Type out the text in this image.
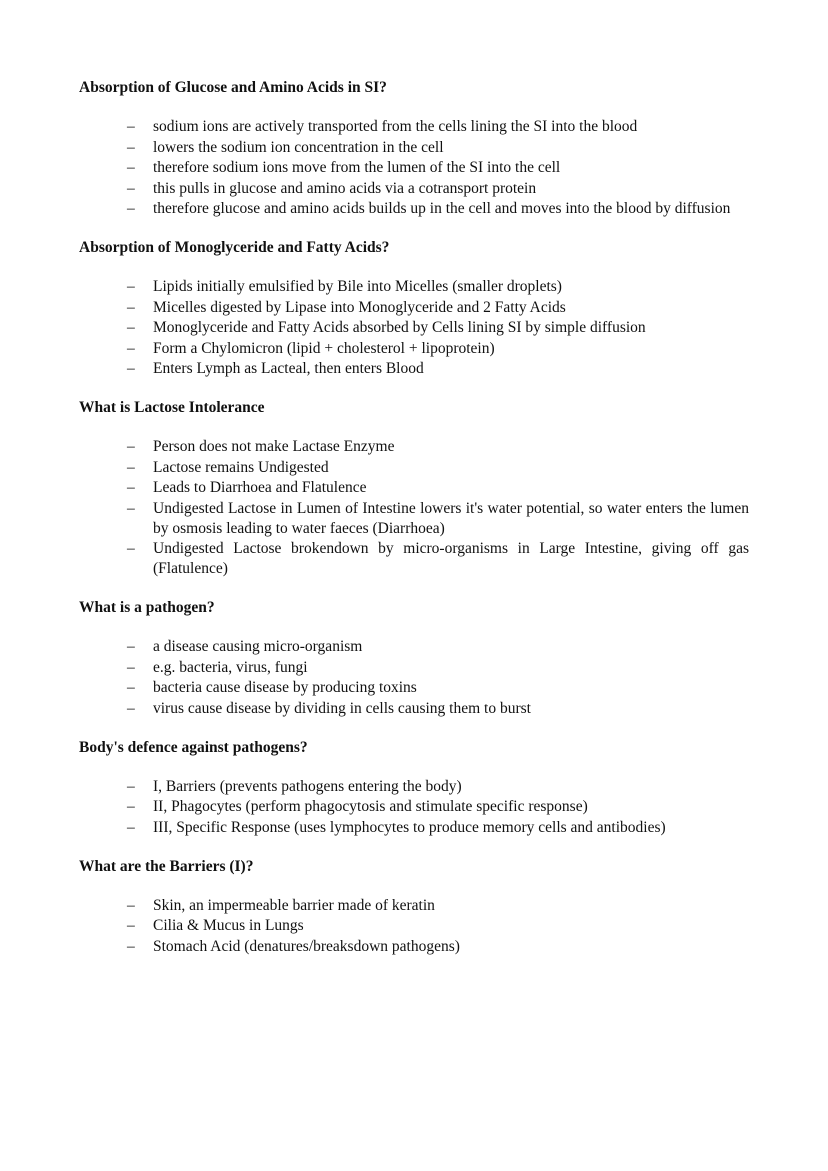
Absorption of Glucose and Amino Acids in SI?
– sodium ions are actively transported from the cells lining the SI into the blood
– lowers the sodium ion concentration in the cell
– therefore sodium ions move from the lumen of the SI into the cell
– this pulls in glucose and amino acids via a cotransport protein
– therefore glucose and amino acids builds up in the cell and moves into the blood by diffusion
Absorption of Monoglyceride and Fatty Acids?
– Lipids initially emulsified by Bile into Micelles (smaller droplets)
– Micelles digested by Lipase into Monoglyceride and 2 Fatty Acids
– Monoglyceride and Fatty Acids absorbed by Cells lining SI by simple diffusion
– Form a Chylomicron (lipid + cholesterol + lipoprotein)
– Enters Lymph as Lacteal, then enters Blood
What is Lactose Intolerance
– Person does not make Lactase Enzyme
– Lactose remains Undigested
– Leads to Diarrhoea and Flatulence
– Undigested Lactose in Lumen of Intestine lowers it's water potential, so water enters the lumen by osmosis leading to water faeces (Diarrhoea)
– Undigested Lactose brokendown by micro-organisms in Large Intestine, giving off gas (Flatulence)
What is a pathogen?
– a disease causing micro-organism
– e.g. bacteria, virus, fungi
– bacteria cause disease by producing toxins
– virus cause disease by dividing in cells causing them to burst
Body's defence against pathogens?
– I, Barriers (prevents pathogens entering the body)
– II, Phagocytes (perform phagocytosis and stimulate specific response)
– III, Specific Response (uses lymphocytes to produce memory cells and antibodies)
What are the Barriers (I)?
– Skin, an impermeable barrier made of keratin
– Cilia & Mucus in Lungs
– Stomach Acid (denatures/breaksdown pathogens)
